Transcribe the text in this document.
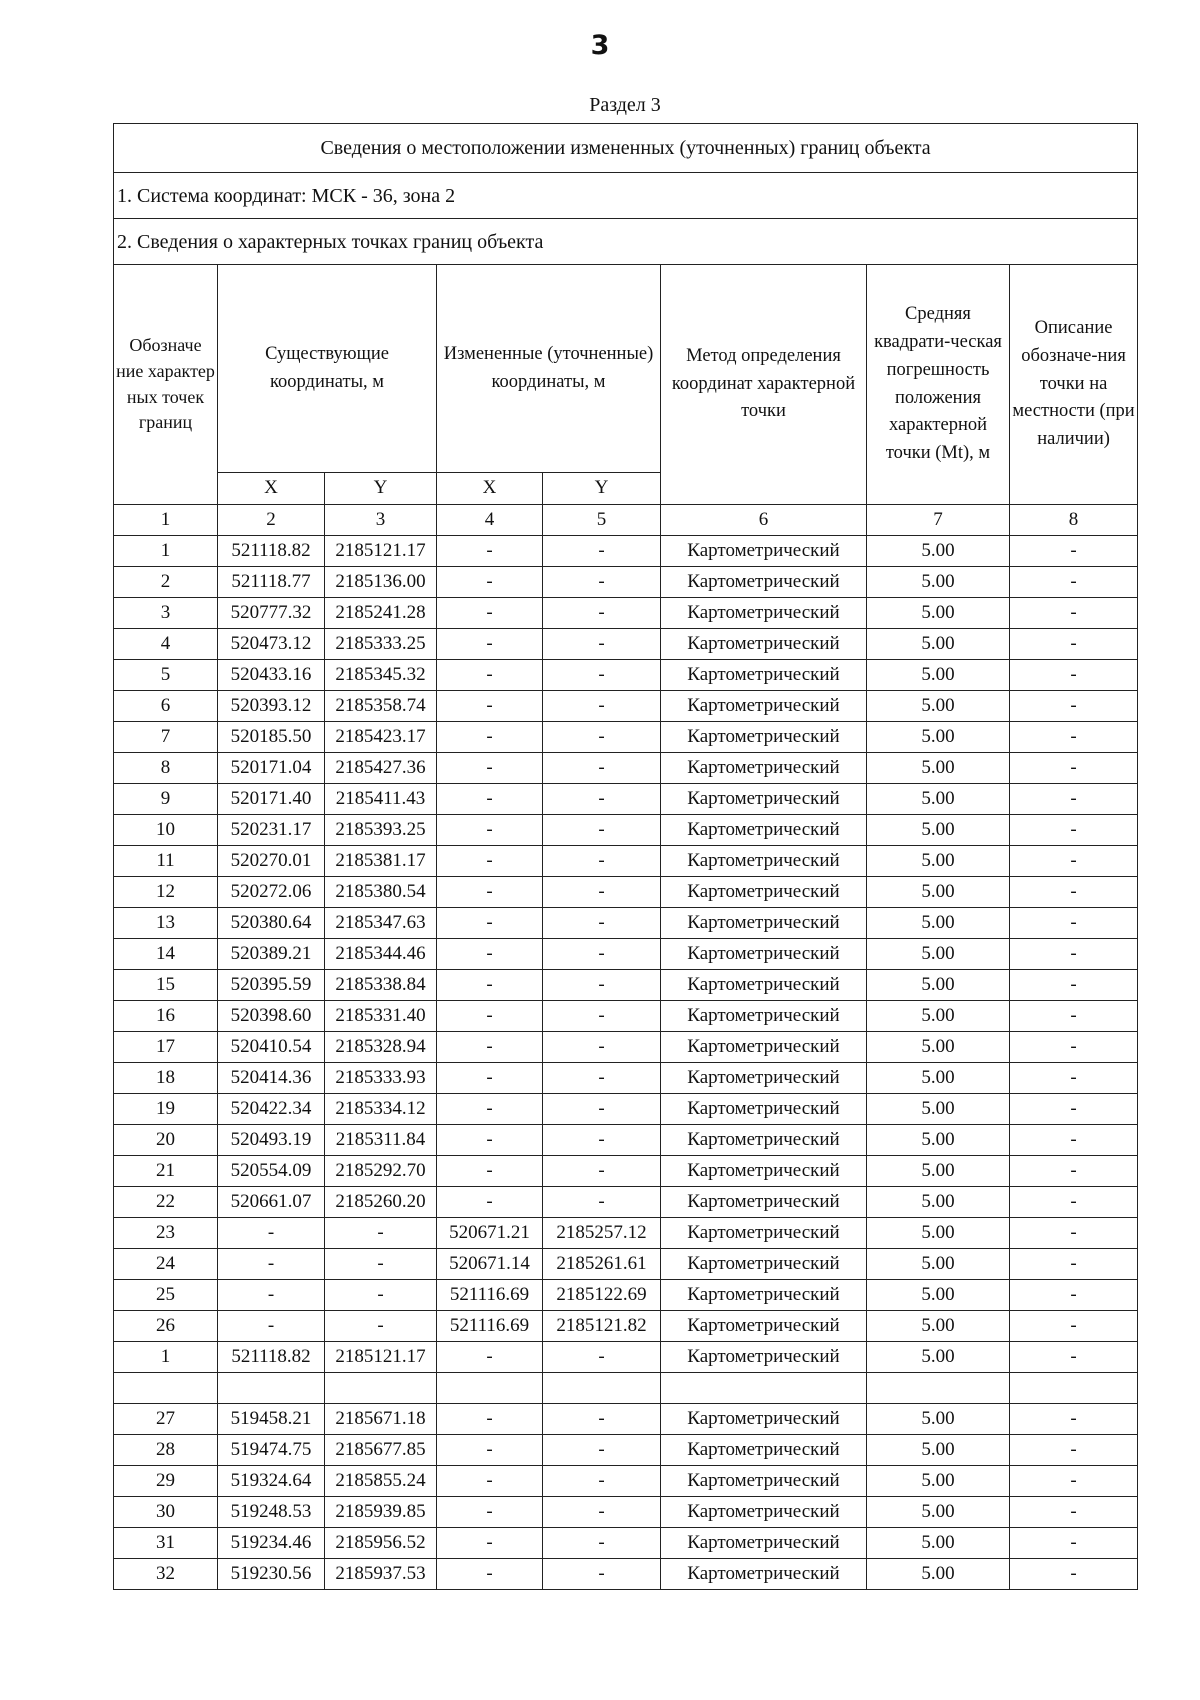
3
Раздел 3
Сведения о местоположении измененных (уточненных) границ объекта							
1. Система координат: МСК - 36, зона 2							
2. Сведения о характерных точках границ объекта							
Обозначе ние характер ных точек границ	Существующие координаты, м		Измененные (уточненные) координаты, м		Метод определения координат характерной точки	Средняя квадрати-ческая погрешность положения характерной точки (Mt), м	Описание обозначе-ния точки на местности (при наличии)
	X	Y	X	Y			
1	2	3	4	5	6	7	8
1	521118.82	2185121.17	-	-	Картометрический	5.00	-
2	521118.77	2185136.00	-	-	Картометрический	5.00	-
3	520777.32	2185241.28	-	-	Картометрический	5.00	-
4	520473.12	2185333.25	-	-	Картометрический	5.00	-
5	520433.16	2185345.32	-	-	Картометрический	5.00	-
6	520393.12	2185358.74	-	-	Картометрический	5.00	-
7	520185.50	2185423.17	-	-	Картометрический	5.00	-
8	520171.04	2185427.36	-	-	Картометрический	5.00	-
9	520171.40	2185411.43	-	-	Картометрический	5.00	-
10	520231.17	2185393.25	-	-	Картометрический	5.00	-
11	520270.01	2185381.17	-	-	Картометрический	5.00	-
12	520272.06	2185380.54	-	-	Картометрический	5.00	-
13	520380.64	2185347.63	-	-	Картометрический	5.00	-
14	520389.21	2185344.46	-	-	Картометрический	5.00	-
15	520395.59	2185338.84	-	-	Картометрический	5.00	-
16	520398.60	2185331.40	-	-	Картометрический	5.00	-
17	520410.54	2185328.94	-	-	Картометрический	5.00	-
18	520414.36	2185333.93	-	-	Картометрический	5.00	-
19	520422.34	2185334.12	-	-	Картометрический	5.00	-
20	520493.19	2185311.84	-	-	Картометрический	5.00	-
21	520554.09	2185292.70	-	-	Картометрический	5.00	-
22	520661.07	2185260.20	-	-	Картометрический	5.00	-
23	-	-	520671.21	2185257.12	Картометрический	5.00	-
24	-	-	520671.14	2185261.61	Картометрический	5.00	-
25	-	-	521116.69	2185122.69	Картометрический	5.00	-
26	-	-	521116.69	2185121.82	Картометрический	5.00	-
1	521118.82	2185121.17	-	-	Картометрический	5.00	-

27	519458.21	2185671.18	-	-	Картометрический	5.00	-
28	519474.75	2185677.85	-	-	Картометрический	5.00	-
29	519324.64	2185855.24	-	-	Картометрический	5.00	-
30	519248.53	2185939.85	-	-	Картометрический	5.00	-
31	519234.46	2185956.52	-	-	Картометрический	5.00	-
32	519230.56	2185937.53	-	-	Картометрический	5.00	-
